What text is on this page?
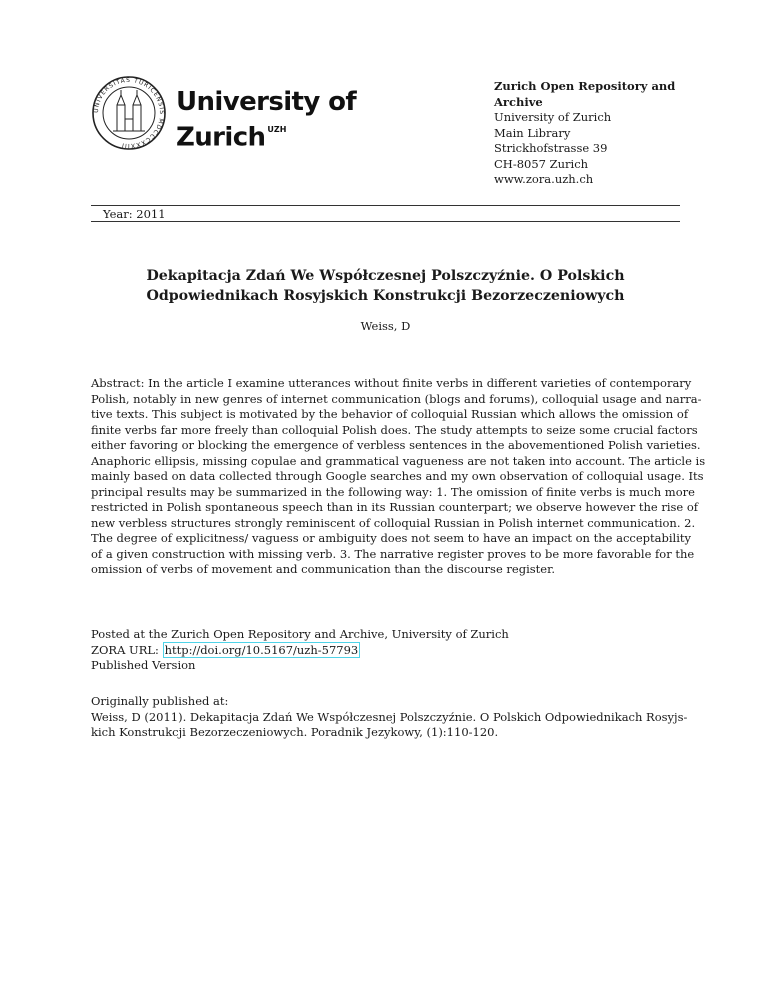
UNIVERSITAS TURICENSIS MDCCCXXXIII
University of
Zurich $^{UZH}$
Zurich Open Repository and
Archive
University of Zurich
Main Library
Strickhofstrasse 39
CH-8057 Zurich
www.zora.uzh.ch
Year: 2011
Dekapitacja Zdań We Współczesnej Polszczyźnie. O Polskich
Odpowiednikach Rosyjskich Konstrukcji Bezorzeczeniowych
Weiss, D
Abstract: In the article I examine utterances without finite verbs in different varieties of contemporary
Polish, notably in new genres of internet communication (blogs and forums), colloquial usage and narra-
tive texts. This subject is motivated by the behavior of colloquial Russian which allows the omission of
finite verbs far more freely than colloquial Polish does. The study attempts to seize some crucial factors
either favoring or blocking the emergence of verbless sentences in the abovementioned Polish varieties.
Anaphoric ellipsis, missing copulae and grammatical vagueness are not taken into account. The article is
mainly based on data collected through Google searches and my own observation of colloquial usage. Its
principal results may be summarized in the following way: 1. The omission of finite verbs is much more
restricted in Polish spontaneous speech than in its Russian counterpart; we observe however the rise of
new verbless structures strongly reminiscent of colloquial Russian in Polish internet communication. 2.
The degree of explicitness/ vaguess or ambiguity does not seem to have an impact on the acceptability
of a given construction with missing verb. 3. The narrative register proves to be more favorable for the
omission of verbs of movement and communication than the discourse register.
Posted at the Zurich Open Repository and Archive, University of Zurich
ZORA URL: http://doi.org/10.5167/uzh-57793
Published Version
Originally published at:
Weiss, D (2011). Dekapitacja Zdań We Współczesnej Polszczyźnie. O Polskich Odpowiednikach Rosyjs-
kich Konstrukcji Bezorzeczeniowych. Poradnik Jezykowy, (1):110-120.
